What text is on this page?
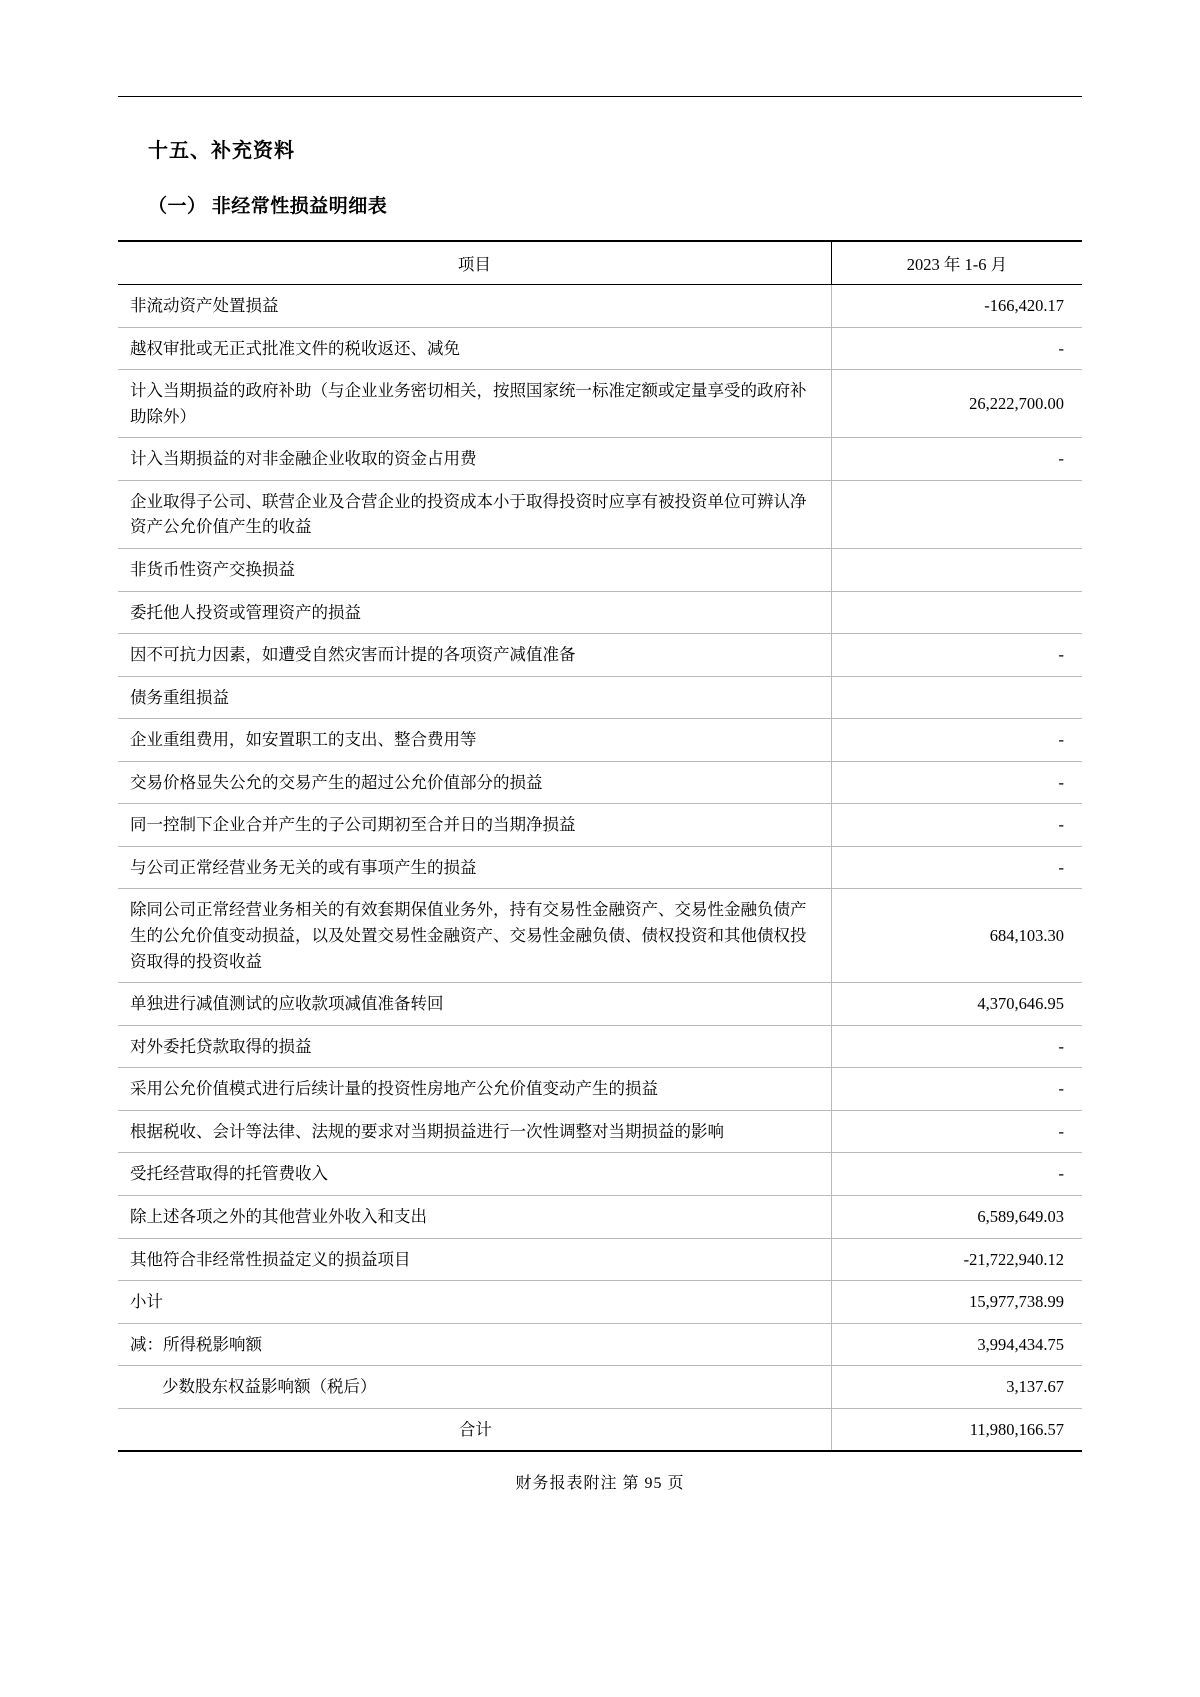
十五、补充资料
（一） 非经常性损益明细表
项目	2023 年 1-6 月
非流动资产处置损益	-166,420.17
越权审批或无正式批准文件的税收返还、减免	-
计入当期损益的政府补助（与企业业务密切相关，按照国家统一标准定额或定量享受的政府补助除外）	26,222,700.00
计入当期损益的对非金融企业收取的资金占用费	-
企业取得子公司、联营企业及合营企业的投资成本小于取得投资时应享有被投资单位可辨认净资产公允价值产生的收益	
非货币性资产交换损益	
委托他人投资或管理资产的损益	
因不可抗力因素，如遭受自然灾害而计提的各项资产减值准备	-
债务重组损益	
企业重组费用，如安置职工的支出、整合费用等	-
交易价格显失公允的交易产生的超过公允价值部分的损益	-
同一控制下企业合并产生的子公司期初至合并日的当期净损益	-
与公司正常经营业务无关的或有事项产生的损益	-
除同公司正常经营业务相关的有效套期保值业务外，持有交易性金融资产、交易性金融负债产生的公允价值变动损益，以及处置交易性金融资产、交易性金融负债、债权投资和其他债权投资取得的投资收益	684,103.30
单独进行减值测试的应收款项减值准备转回	4,370,646.95
对外委托贷款取得的损益	-
采用公允价值模式进行后续计量的投资性房地产公允价值变动产生的损益	-
根据税收、会计等法律、法规的要求对当期损益进行一次性调整对当期损益的影响	-
受托经营取得的托管费收入	-
除上述各项之外的其他营业外收入和支出	6,589,649.03
其他符合非经常性损益定义的损益项目	-21,722,940.12
小计	15,977,738.99
减：所得税影响额	3,994,434.75
少数股东权益影响额（税后）	3,137.67
合计	11,980,166.57
财务报表附注 第 95 页
